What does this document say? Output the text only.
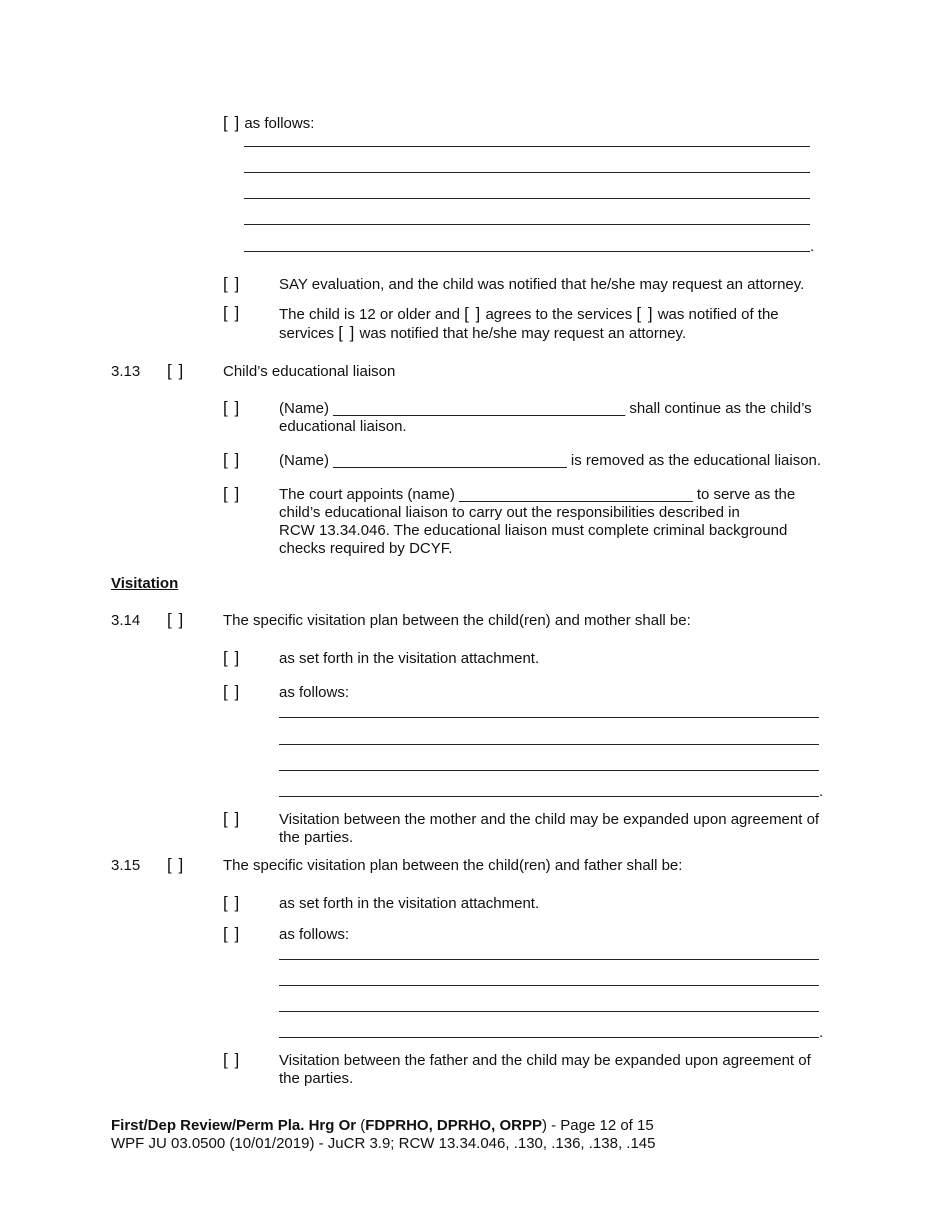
[ ] as follows:
.
[ ]	SAY evaluation, and the child was notified that he/she may request an attorney.
[ ]	The child is 12 or older and [ ] agrees to the services [ ] was notified of the
services [ ] was notified that he/she may request an attorney.
3.13 [ ]	Child’s educational liaison
[ ]	(Name) ___________________________________ shall continue as the child’s
educational liaison.
[ ]	(Name) ____________________________ is removed as the educational liaison.
[ ]	The court appoints (name) ____________________________ to serve as the
child’s educational liaison to carry out the responsibilities described in
RCW 13.34.046. The educational liaison must complete criminal background
checks required by DCYF.
Visitation
3.14 [ ]	The specific visitation plan between the child(ren) and mother shall be:
[ ]	as set forth in the visitation attachment.
[ ]	as follows:
.
[ ]	Visitation between the mother and the child may be expanded upon agreement of
the parties.
3.15 [ ]	The specific visitation plan between the child(ren) and father shall be:
[ ]	as set forth in the visitation attachment.
[ ]	as follows:
.
[ ]	Visitation between the father and the child may be expanded upon agreement of
the parties.
First/Dep Review/Perm Pla. Hrg Or (FDPRHO, DPRHO, ORPP) - Page 12 of 15
WPF JU 03.0500 (10/01/2019) - JuCR 3.9; RCW 13.34.046, .130, .136, .138, .145
